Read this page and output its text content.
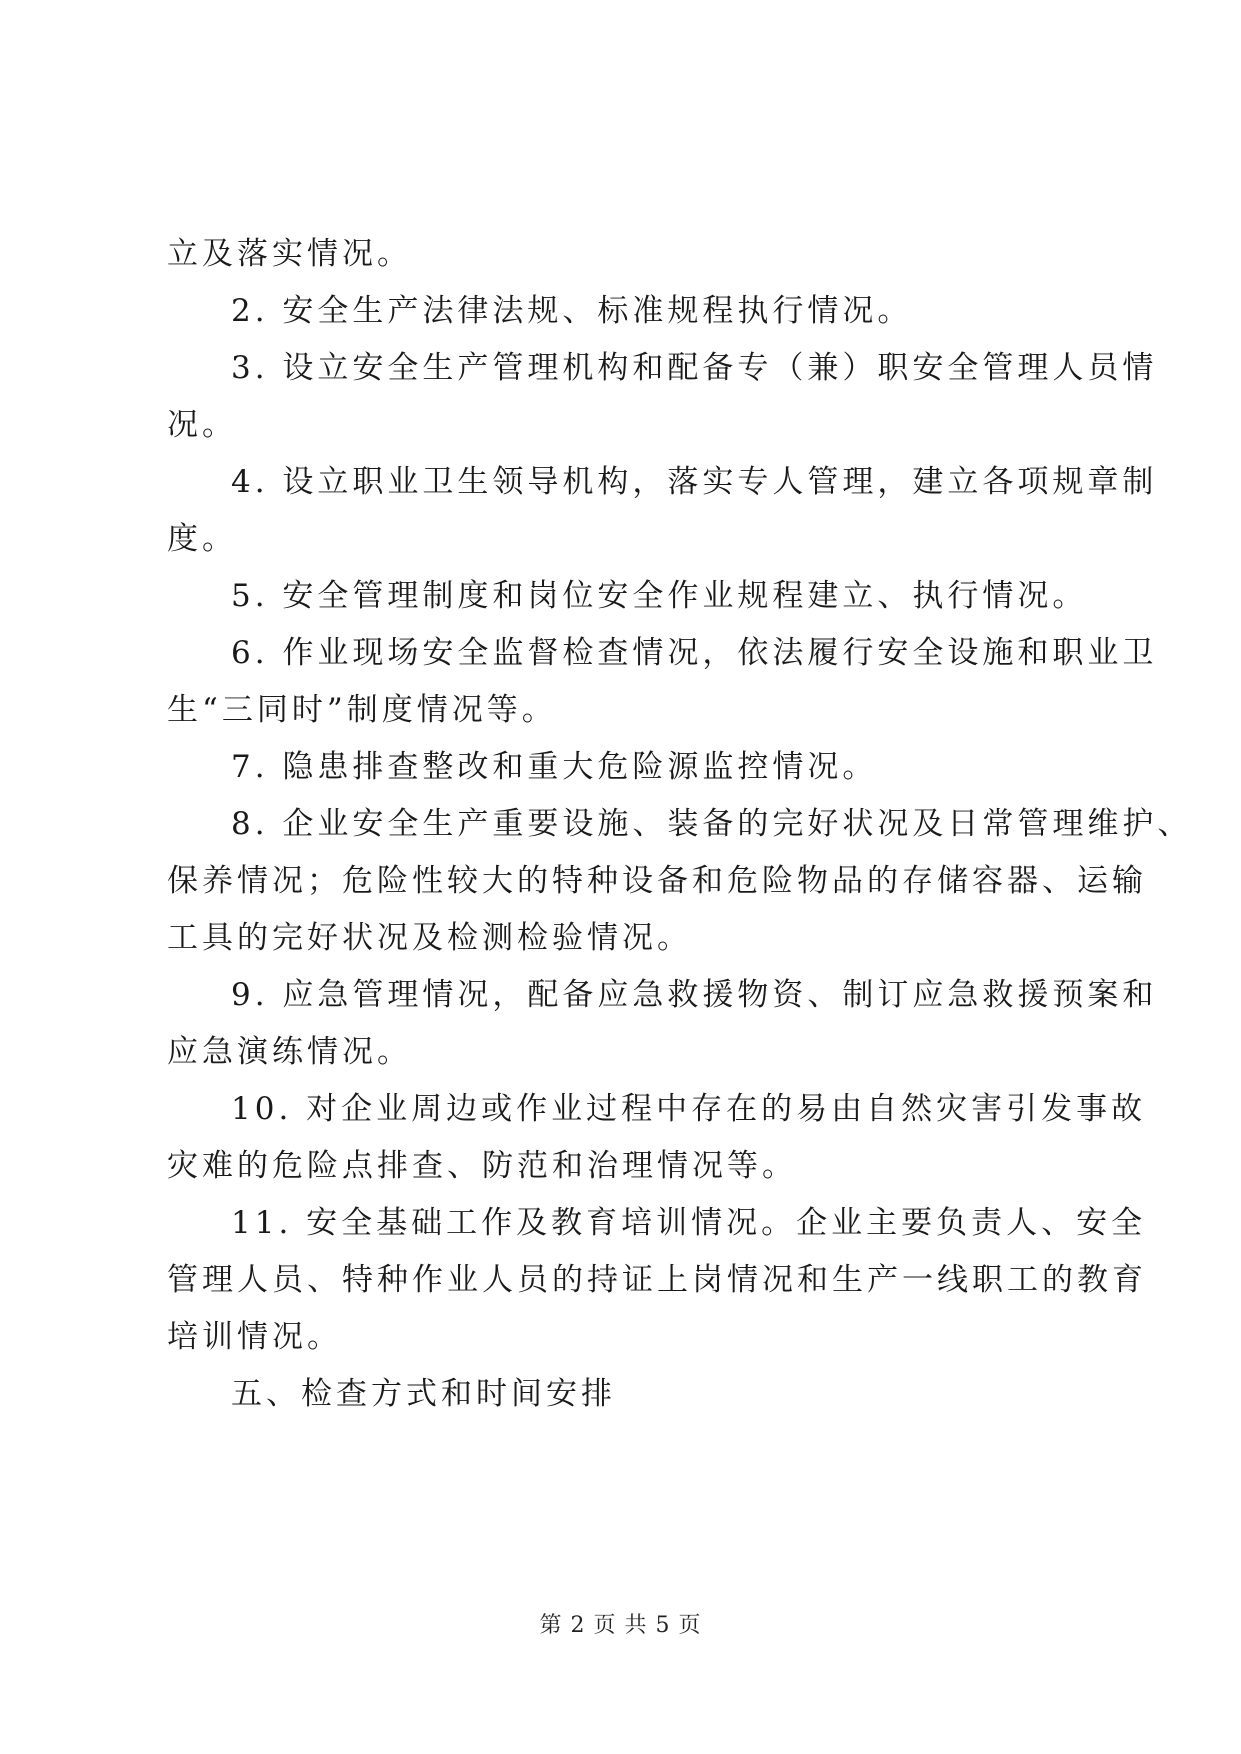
立及落实情况。
2. 安全生产法律法规、标准规程执行情况。
3. 设立安全生产管理机构和配备专（兼）职安全管理人员情
况。
4. 设立职业卫生领导机构，落实专人管理，建立各项规章制
度。
5. 安全管理制度和岗位安全作业规程建立、执行情况。
6. 作业现场安全监督检查情况，依法履行安全设施和职业卫
生“三同时”制度情况等。
7. 隐患排查整改和重大危险源监控情况。
8. 企业安全生产重要设施、装备的完好状况及日常管理维护、
保养情况；危险性较大的特种设备和危险物品的存储容器、运输
工具的完好状况及检测检验情况。
9. 应急管理情况，配备应急救援物资、制订应急救援预案和
应急演练情况。
10. 对企业周边或作业过程中存在的易由自然灾害引发事故
灾难的危险点排查、防范和治理情况等。
11. 安全基础工作及教育培训情况。企业主要负责人、安全
管理人员、特种作业人员的持证上岗情况和生产一线职工的教育
培训情况。
五、检查方式和时间安排
第 2 页 共 5 页
